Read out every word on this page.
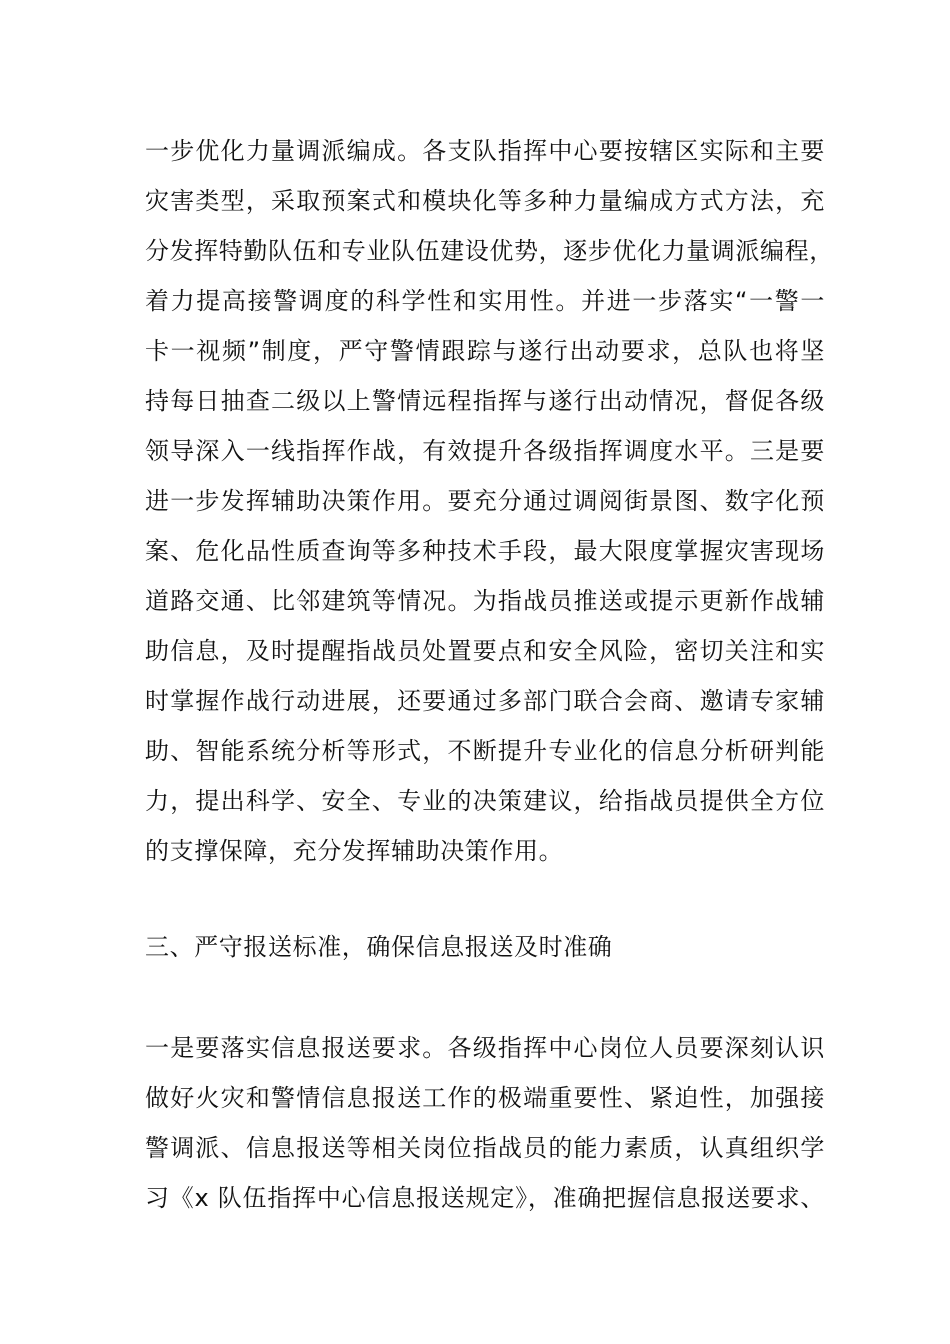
一步优化力量调派编成。各支队指挥中心要按辖区实际和主要
灾害类型，采取预案式和模块化等多种力量编成方式方法，充
分发挥特勤队伍和专业队伍建设优势，逐步优化力量调派编程，
着力提高接警调度的科学性和实用性。并进一步落实“一警一
卡一视频”制度，严守警情跟踪与遂行出动要求，总队也将坚
持每日抽查二级以上警情远程指挥与遂行出动情况，督促各级
领导深入一线指挥作战，有效提升各级指挥调度水平。三是要
进一步发挥辅助决策作用。要充分通过调阅街景图、数字化预
案、危化品性质查询等多种技术手段，最大限度掌握灾害现场
道路交通、比邻建筑等情况。为指战员推送或提示更新作战辅
助信息，及时提醒指战员处置要点和安全风险，密切关注和实
时掌握作战行动进展，还要通过多部门联合会商、邀请专家辅
助、智能系统分析等形式，不断提升专业化的信息分析研判能
力，提出科学、安全、专业的决策建议，给指战员提供全方位
的支撑保障，充分发挥辅助决策作用。
三、严守报送标准，确保信息报送及时准确
一是要落实信息报送要求。各级指挥中心岗位人员要深刻认识
做好火灾和警情信息报送工作的极端重要性、紧迫性，加强接
警调派、信息报送等相关岗位指战员的能力素质，认真组织学
习《x 队伍指挥中心信息报送规定》，准确把握信息报送要求、
